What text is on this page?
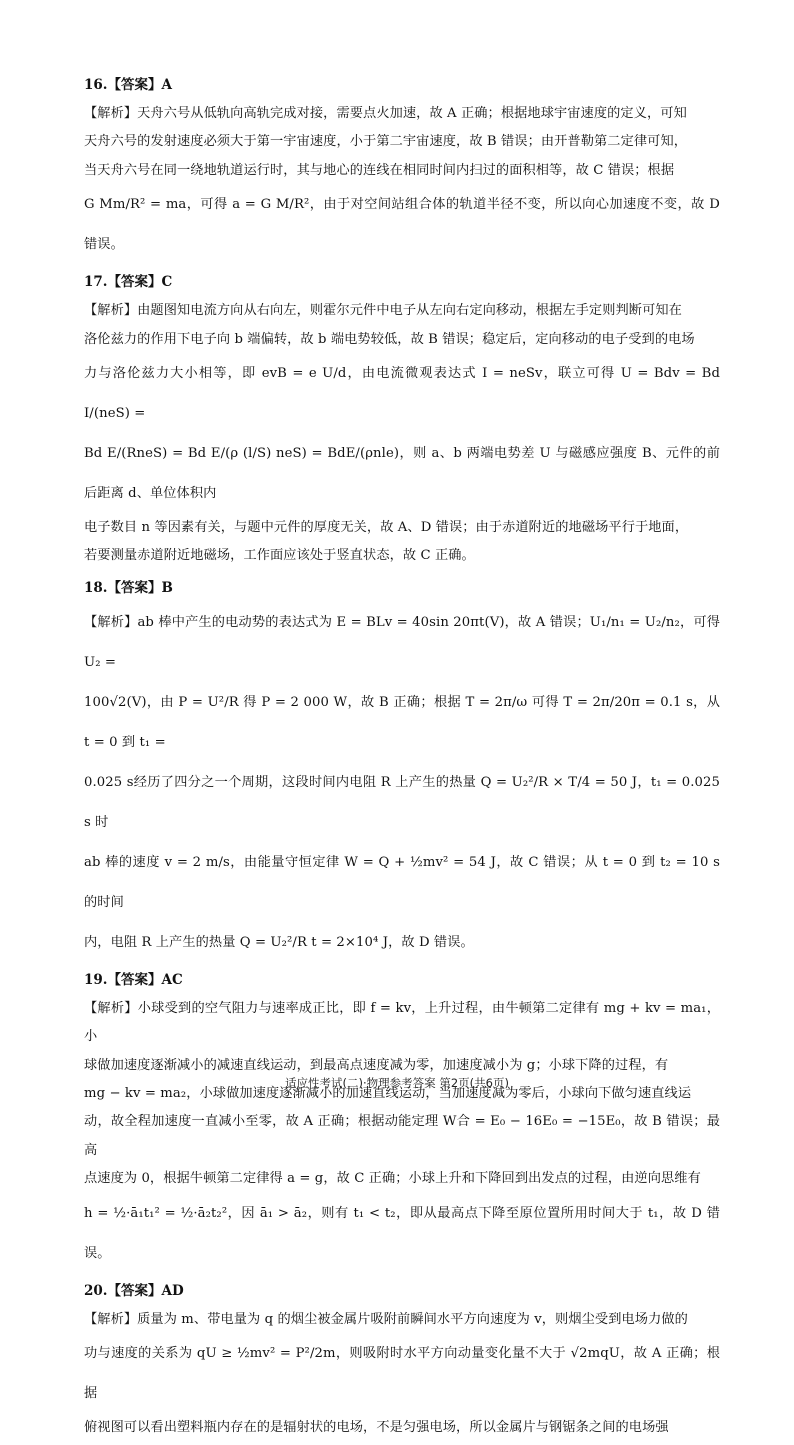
16.【答案】A

【解析】天舟六号从低轨向高轨完成对接，需要点火加速，故 A 正确；根据地球宇宙速度的定义，可知

天舟六号的发射速度必须大于第一宇宙速度，小于第二宇宙速度，故 B 错误；由开普勒第二定律可知，

当天舟六号在同一绕地轨道运行时，其与地心的连线在相同时间内扫过的面积相等，故 C 错误；根据

G Mm/R² = ma，可得 a = G M/R²，由于对空间站组合体的轨道半径不变，所以向心加速度不变，故 D 错误。

17.【答案】C

【解析】由题图知电流方向从右向左，则霍尔元件中电子从左向右定向移动，根据左手定则判断可知在

洛伦兹力的作用下电子向 b 端偏转，故 b 端电势较低，故 B 错误；稳定后，定向移动的电子受到的电场

力与洛伦兹力大小相等，即 evB = e U/d，由电流微观表达式 I = neSv，联立可得 U = Bdv = Bd I/(neS) =

Bd E/(RneS) = Bd E/(ρ (l/S) neS) = BdE/(ρnle)，则 a、b 两端电势差 U 与磁感应强度 B、元件的前后距离 d、单位体积内

电子数目 n 等因素有关，与题中元件的厚度无关，故 A、D 错误；由于赤道附近的地磁场平行于地面，

若要测量赤道附近地磁场，工作面应该处于竖直状态，故 C 正确。

18.【答案】B

【解析】ab 棒中产生的电动势的表达式为 E = BLv = 40sin 20πt(V)，故 A 错误；U₁/n₁ = U₂/n₂，可得 U₂ =

100√2(V)，由 P = U²/R 得 P = 2 000 W，故 B 正确；根据 T = 2π/ω 可得 T = 2π/20π = 0.1 s，从 t = 0 到 t₁ =

0.025 s经历了四分之一个周期，这段时间内电阻 R 上产生的热量 Q = U₂²/R × T/4 = 50 J，t₁ = 0.025 s 时

ab 棒的速度 v = 2 m/s，由能量守恒定律 W = Q + ½mv² = 54 J，故 C 错误；从 t = 0 到 t₂ = 10 s 的时间

内，电阻 R 上产生的热量 Q = U₂²/R t = 2×10⁴ J，故 D 错误。

19.【答案】AC

【解析】小球受到的空气阻力与速率成正比，即 f = kv，上升过程，由牛顿第二定律有 mg + kv = ma₁，小

球做加速度逐渐减小的减速直线运动，到最高点速度减为零，加速度减小为 g；小球下降的过程，有

mg − kv = ma₂，小球做加速度逐渐减小的加速直线运动，当加速度减为零后，小球向下做匀速直线运

动，故全程加速度一直减小至零，故 A 正确；根据动能定理 W合 = E₀ − 16E₀ = −15E₀，故 B 错误；最高

点速度为 0，根据牛顿第二定律得 a = g，故 C 正确；小球上升和下降回到出发点的过程，由逆向思维有

h = ½·ā₁t₁² = ½·ā₂t₂²，因 ā₁ > ā₂，则有 t₁ < t₂，即从最高点下降至原位置所用时间大于 t₁，故 D 错误。

20.【答案】AD

【解析】质量为 m、带电量为 q 的烟尘被金属片吸附前瞬间水平方向速度为 v，则烟尘受到电场力做的

功与速度的关系为 qU ≥ ½mv² = P²/2m，则吸附时水平方向动量变化量不大于 √2mqU，故 A 正确；根据

俯视图可以看出塑料瓶内存在的是辐射状的电场，不是匀强电场，所以金属片与钢锯条之间的电场强

适应性考试(二)·物理参考答案 第2页(共6页)
